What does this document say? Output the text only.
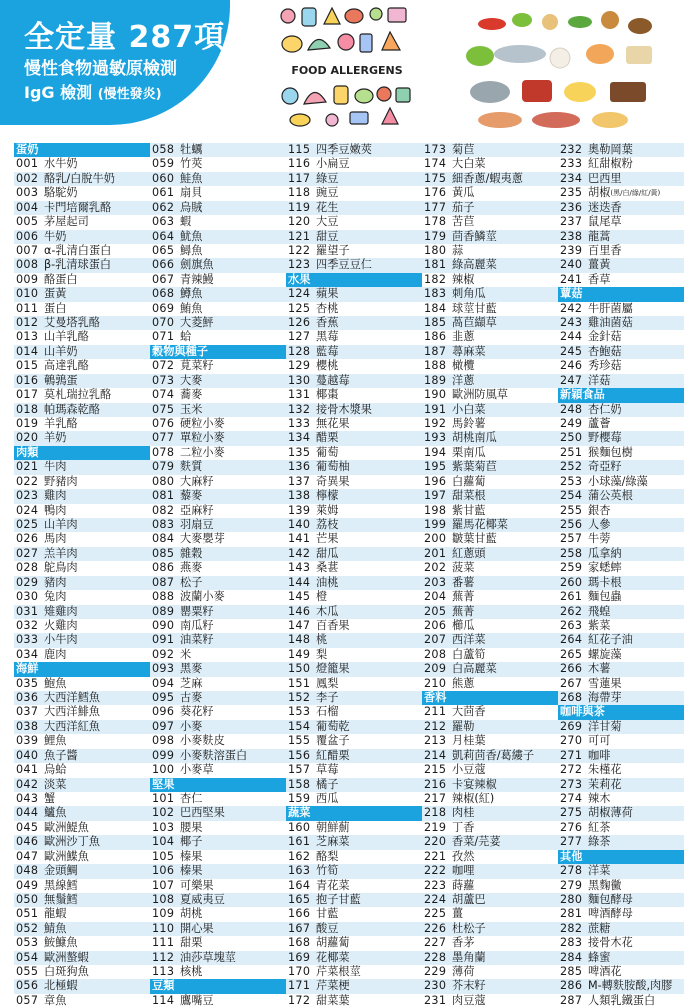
全定量 287項
慢性食物過敏原檢測
IgG 檢測 (慢性發炎)
FOOD ALLERGENS
蛋奶
001 水牛奶
002 酪乳/白脫牛奶
003 駱駝奶
004 卡門培爾乳酪
005 茅屋起司
006 牛奶
007 α-乳清白蛋白
008 β-乳清球蛋白
009 酪蛋白
010 蛋黃
011 蛋白
012 艾曼塔乳酪
013 山羊乳酪
014 山羊奶
015 高達乳酪
016 鵪鶉蛋
017 莫札瑞拉乳酪
018 帕瑪森乾酪
019 羊乳酪
020 羊奶
肉類
021 牛肉
022 野豬肉
023 雞肉
024 鴨肉
025 山羊肉
026 馬肉
027 羔羊肉
028 鴕鳥肉
029 豬肉
030 兔肉
031 雉雞肉
032 火雞肉
033 小牛肉
034 鹿肉
海鮮
035 鮑魚
036 大西洋鱈魚
037 大西洋鯡魚
038 大西洋紅魚
039 鯉魚
040 魚子醬
041 烏蛤
042 淡菜
043 蟹
044 鱸魚
045 歐洲鯷魚
046 歐洲沙丁魚
047 歐洲鰈魚
048 金頭鯛
049 黑線鱈
050 無鬚鱈
051 龍蝦
052 鯖魚
053 鮟鱇魚
054 歐洲螯蝦
055 白斑狗魚
056 北極蝦
057 章魚
058 牡蠣
059 竹莢
060 鮭魚
061 扇貝
062 烏賊
063 蝦
064 魷魚
065 鱘魚
066 劍旗魚
067 青辣鰻
068 鱒魚
069 鮪魚
070 大菱鮃
071 蛤
穀物與種子
072 莧菜籽
073 大麥
074 蕎麥
075 玉米
076 硬粒小麥
077 單粒小麥
078 二粒小麥
079 麩質
080 大麻籽
081 藜麥
082 亞麻籽
083 羽扇豆
084 大麥嬰芽
085 雜穀
086 燕麥
087 松子
088 波蘭小麥
089 罌粟籽
090 南瓜籽
091 油菜籽
092 米
093 黑麥
094 芝麻
095 古麥
096 葵花籽
097 小麥
098 小麥麩皮
099 小麥麩溶蛋白
100 小麥草
堅果
101 杏仁
102 巴西堅果
103 腰果
104 椰子
105 榛果
106 榛果
107 可樂果
108 夏威夷豆
109 胡桃
110 開心果
111 甜栗
112 油莎草塊莖
113 核桃
豆類
114 鷹嘴豆
115 四季豆嫩莢
116 小扁豆
117 綠豆
118 豌豆
119 花生
120 大豆
121 甜豆
122 羅望子
123 四季豆豆仁
水果
124 蘋果
125 杏桃
126 香蕉
127 黑莓
128 藍莓
129 櫻桃
130 蔓越莓
131 椰棗
132 接骨木漿果
133 無花果
134 醋栗
135 葡萄
136 葡萄柚
137 奇異果
138 檸檬
139 萊姆
140 荔枝
141 芒果
142 甜瓜
143 桑葚
144 油桃
145 橙
146 木瓜
147 百香果
148 桃
149 梨
150 燈籠果
151 鳳梨
152 李子
153 石榴
154 葡萄乾
155 覆盆子
156 紅醋栗
157 草莓
158 橘子
159 西瓜
蔬菜
160 朝鮮薊
161 芝麻菜
162 酪梨
163 竹筍
164 青花菜
165 抱子甘藍
166 甘藍
167 酸豆
168 胡蘿蔔
169 花椰菜
170 芹菜根莖
171 芹菜梗
172 甜菜葉
173 菊苣
174 大白菜
175 細香蔥/蝦夷蔥
176 黃瓜
177 茄子
178 苦苣
179 茴香鱗莖
180 蒜
181 綠高麗菜
182 辣椒
183 刺角瓜
184 球莖甘藍
185 萵苣纈草
186 韭蔥
187 蕁麻菜
188 橄欖
189 洋蔥
190 歐洲防風草
191 小白菜
192 馬鈴薯
193 胡桃南瓜
194 栗南瓜
195 紫葉菊苣
196 白蘿蔔
197 甜菜根
198 紫甘藍
199 羅馬花椰菜
200 皺葉甘藍
201 紅蔥頭
202 菠菜
203 番薯
204 蕪菁
205 蕪菁
206 櫛瓜
207 西洋菜
208 白蘆筍
209 白高麗菜
210 熊蔥
香料
211 大茴香
212 羅勒
213 月桂葉
214 凱莉茴香/葛縷子
215 小豆蔻
216 卡宴辣椒
217 辣椒(紅)
218 肉桂
219 丁香
220 香菜/芫荽
221 孜然
222 咖哩
223 蒔蘿
224 胡蘆巴
225 薑
226 杜松子
227 香茅
228 墨角蘭
229 薄荷
230 芥末籽
231 肉豆蔻
232 奧勒岡葉
233 紅甜椒粉
234 巴西里
235 胡椒 (黑/白/綠/紅/黃)
236 迷迭香
237 鼠尾草
238 龍蒿
239 百里香
240 薑黃
241 香草
蕈菇
242 牛肝菌屬
243 雞油菌菇
244 金針菇
245 杏鮑菇
246 秀珍菇
247 洋菇
新穎食品
248 杏仁奶
249 蘆薈
250 野櫻莓
251 猴麵包樹
252 奇亞籽
253 小球藻/綠藻
254 蒲公英根
255 銀杏
256 人參
257 牛蒡
258 瓜拿納
259 家蟋蟀
260 瑪卡根
261 麵包蟲
262 飛蝗
263 紫菜
264 紅花子油
265 螺旋藻
266 木薯
267 雪蓮果
268 海帶芽
咖啡與茶
269 洋甘菊
270 可可
271 咖啡
272 朱槿花
273 茉莉花
274 辣木
275 胡椒薄荷
276 紅茶
277 綠茶
其他
278 洋菜
279 黑麴黴
280 麵包酵母
281 啤酒酵母
282 蔗糖
283 接骨木花
284 蜂蜜
285 啤酒花
286 M-轉麩胺酸,肉膠
287 人類乳鐵蛋白
